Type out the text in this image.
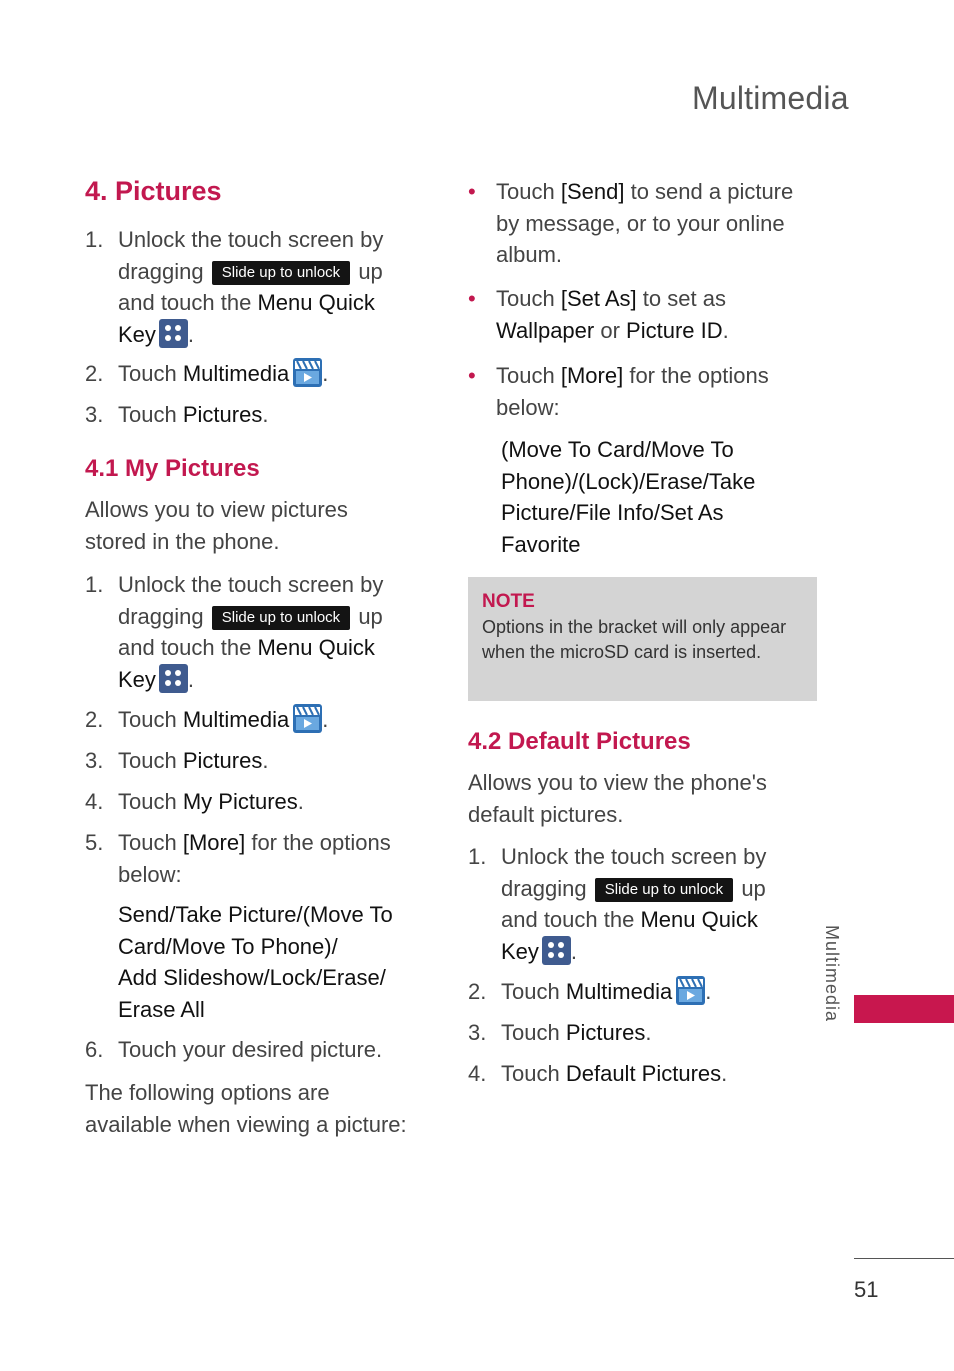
Multimedia
4. Pictures
1. Unlock the touch screen by
dragging Slide up to unlock up
and touch the Menu Quick
Key .
2. Touch Multimedia .
3. Touch Pictures.
4.1 My Pictures
Allows you to view pictures
stored in the phone.
1. Unlock the touch screen by
dragging Slide up to unlock up
and touch the Menu Quick
Key .
2. Touch Multimedia .
3. Touch Pictures.
4. Touch My Pictures.
5. Touch [More] for the options
below:
Send/Take Picture/(Move To
Card/Move To Phone)/
Add Slideshow/Lock/Erase/
Erase All
6. Touch your desired picture.
The following options are
available when viewing a picture:
• Touch [Send] to send a picture
by message, or to your online
album.
• Touch [Set As] to set as
Wallpaper or Picture ID.
• Touch [More] for the options
below:
(Move To Card/Move To
Phone)/(Lock)/Erase/Take
Picture/File Info/Set As
Favorite
NOTE
Options in the bracket will only appear when the microSD card is inserted.
4.2 Default Pictures
Allows you to view the phone's
default pictures.
1. Unlock the touch screen by
dragging Slide up to unlock up
and touch the Menu Quick
Key .
2. Touch Multimedia .
3. Touch Pictures.
4. Touch Default Pictures.
Multimedia
51
